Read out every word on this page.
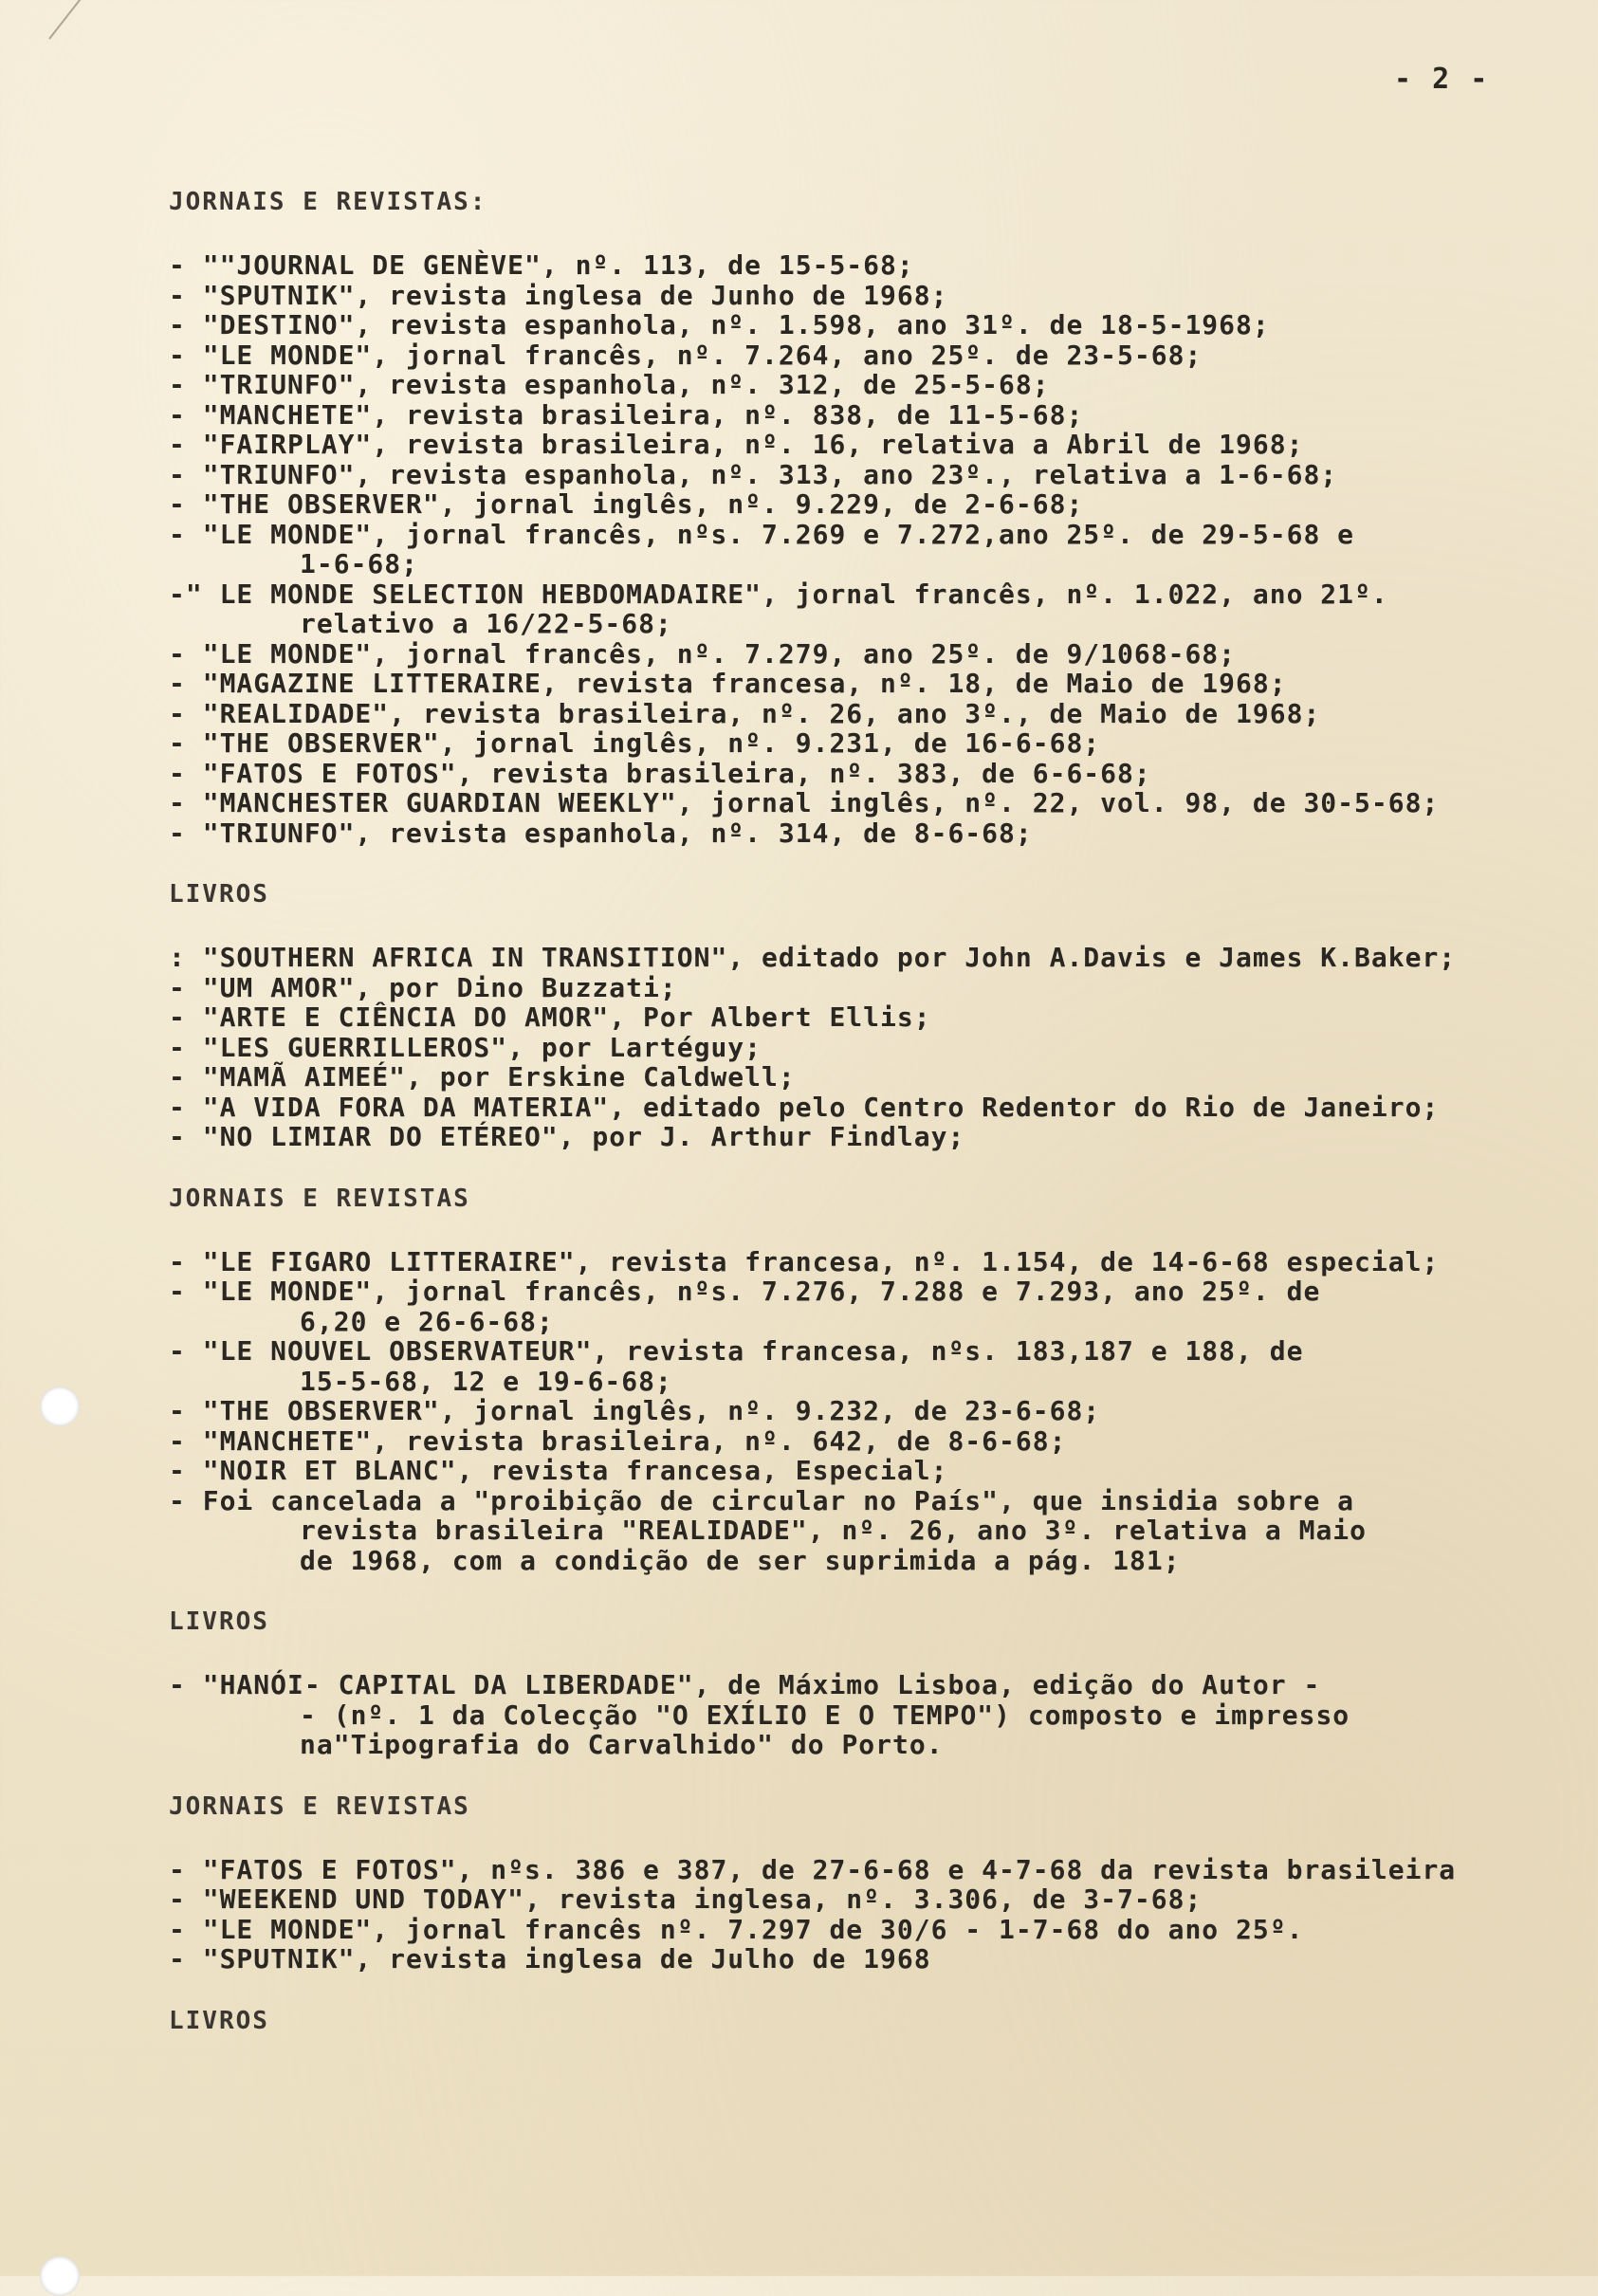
- 2 -
JORNAIS E REVISTAS:
- ""JOURNAL DE GENÈVE", nº. 113, de 15-5-68;
- "SPUTNIK", revista inglesa de Junho de 1968;
- "DESTINO", revista espanhola, nº. 1.598, ano 31º. de 18-5-1968;
- "LE MONDE", jornal francês, nº. 7.264, ano 25º. de 23-5-68;
- "TRIUNFO", revista espanhola, nº. 312, de 25-5-68;
- "MANCHETE", revista brasileira, nº. 838, de 11-5-68;
- "FAIRPLAY", revista brasileira, nº. 16, relativa a Abril de 1968;
- "TRIUNFO", revista espanhola, nº. 313, ano 23º., relativa a 1-6-68;
- "THE OBSERVER", jornal inglês, nº. 9.229, de 2-6-68;
- "LE MONDE", jornal francês, nºs. 7.269 e 7.272,ano 25º. de 29-5-68 e
1-6-68;
-" LE MONDE SELECTION HEBDOMADAIRE", jornal francês, nº. 1.022, ano 21º.
relativo a 16/22-5-68;
- "LE MONDE", jornal francês, nº. 7.279, ano 25º. de 9/1068-68;
- "MAGAZINE LITTERAIRE, revista francesa, nº. 18, de Maio de 1968;
- "REALIDADE", revista brasileira, nº. 26, ano 3º., de Maio de 1968;
- "THE OBSERVER", jornal inglês, nº. 9.231, de 16-6-68;
- "FATOS E FOTOS", revista brasileira, nº. 383, de 6-6-68;
- "MANCHESTER GUARDIAN WEEKLY", jornal inglês, nº. 22, vol. 98, de 30-5-68;
- "TRIUNFO", revista espanhola, nº. 314, de 8-6-68;
LIVROS
: "SOUTHERN AFRICA IN TRANSITION", editado por John A.Davis e James K.Baker;
- "UM AMOR", por Dino Buzzati;
- "ARTE E CIÊNCIA DO AMOR", Por Albert Ellis;
- "LES GUERRILLEROS", por Lartéguy;
- "MAMÃ AIMEÉ", por Erskine Caldwell;
- "A VIDA FORA DA MATERIA", editado pelo Centro Redentor do Rio de Janeiro;
- "NO LIMIAR DO ETÉREO", por J. Arthur Findlay;
JORNAIS E REVISTAS
- "LE FIGARO LITTERAIRE", revista francesa, nº. 1.154, de 14-6-68 especial;
- "LE MONDE", jornal francês, nºs. 7.276, 7.288 e 7.293, ano 25º. de
6,20 e 26-6-68;
- "LE NOUVEL OBSERVATEUR", revista francesa, nºs. 183,187 e 188, de
15-5-68, 12 e 19-6-68;
- "THE OBSERVER", jornal inglês, nº. 9.232, de 23-6-68;
- "MANCHETE", revista brasileira, nº. 642, de 8-6-68;
- "NOIR ET BLANC", revista francesa, Especial;
- Foi cancelada a "proibição de circular no País", que insidia sobre a
revista brasileira "REALIDADE", nº. 26, ano 3º. relativa a Maio
de 1968, com a condição de ser suprimida a pág. 181;
LIVROS
- "HANÓI- CAPITAL DA LIBERDADE", de Máximo Lisboa, edição do Autor -
- (nº. 1 da Colecção "O EXÍLIO E O TEMPO") composto e impresso
na"Tipografia do Carvalhido" do Porto.
JORNAIS E REVISTAS
- "FATOS E FOTOS", nºs. 386 e 387, de 27-6-68 e 4-7-68 da revista brasileira
- "WEEKEND UND TODAY", revista inglesa, nº. 3.306, de 3-7-68;
- "LE MONDE", jornal francês nº. 7.297 de 30/6 - 1-7-68 do ano 25º.
- "SPUTNIK", revista inglesa de Julho de 1968
LIVROS
